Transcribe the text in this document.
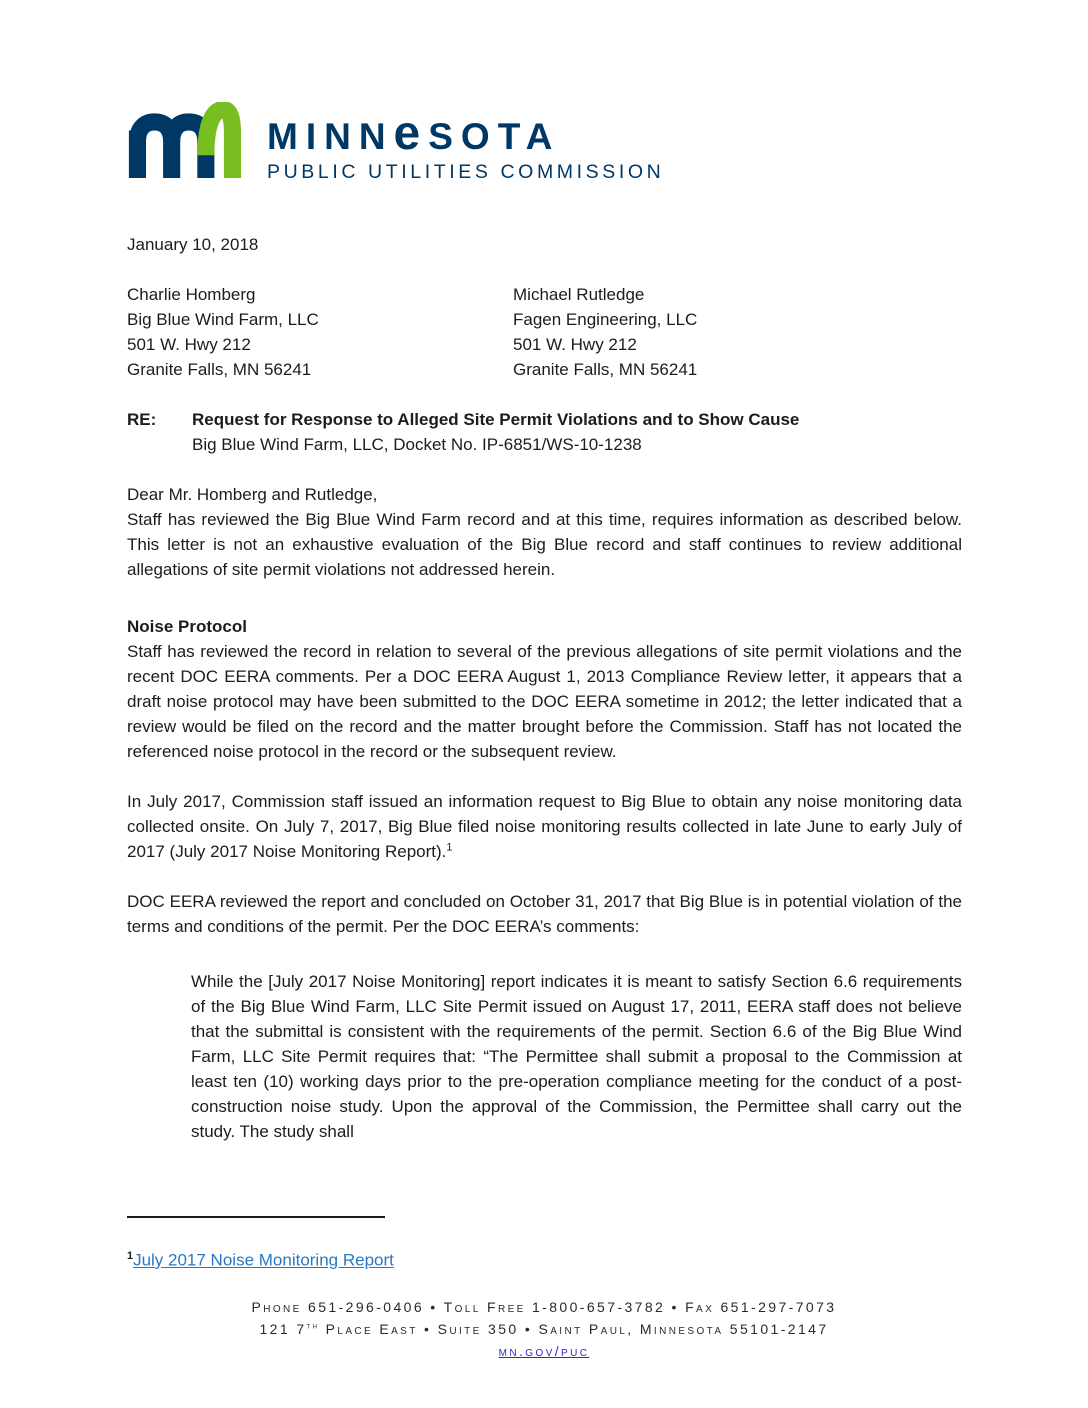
MINNeSOTA
PUBLIC UTILITIES COMMISSION
January 10, 2018
Charlie Homberg
Big Blue Wind Farm, LLC
501 W. Hwy 212
Granite Falls, MN 56241
Michael Rutledge
Fagen Engineering, LLC
501 W. Hwy 212
Granite Falls, MN 56241
RE:	Request for Response to Alleged Site Permit Violations and to Show Cause
Big Blue Wind Farm, LLC, Docket No. IP-6851/WS-10-1238
Dear Mr. Homberg and Rutledge,

Staff has reviewed the Big Blue Wind Farm record and at this time, requires information as described below. This letter is not an exhaustive evaluation of the Big Blue record and staff continues to review additional allegations of site permit violations not addressed herein.

Noise Protocol

Staff has reviewed the record in relation to several of the previous allegations of site permit violations and the recent DOC EERA comments. Per a DOC EERA August 1, 2013 Compliance Review letter, it appears that a draft noise protocol may have been submitted to the DOC EERA sometime in 2012; the letter indicated that a review would be filed on the record and the matter brought before the Commission. Staff has not located the referenced noise protocol in the record or the subsequent review.

In July 2017, Commission staff issued an information request to Big Blue to obtain any noise monitoring data collected onsite. On July 7, 2017, Big Blue filed noise monitoring results collected in late June to early July of 2017 (July 2017 Noise Monitoring Report).$^1$

DOC EERA reviewed the report and concluded on October 31, 2017 that Big Blue is in potential violation of the terms and conditions of the permit. Per the DOC EERA’s comments:

While the [July 2017 Noise Monitoring] report indicates it is meant to satisfy Section 6.6 requirements of the Big Blue Wind Farm, LLC Site Permit issued on August 17, 2011, EERA staff does not believe that the submittal is consistent with the requirements of the permit. Section 6.6 of the Big Blue Wind Farm, LLC Site Permit requires that: “The Permittee shall submit a proposal to the Commission at least ten (10) working days prior to the pre-operation compliance meeting for the conduct of a post-construction noise study. Upon the approval of the Commission, the Permittee shall carry out the study. The study shall
$^1$July 2017 Noise Monitoring Report
Phone 651-296-0406 • Toll Free 1-800-657-3782 • Fax 651-297-7073
121 7th Place East • Suite 350 • Saint Paul, Minnesota 55101-2147
mn.gov/puc
